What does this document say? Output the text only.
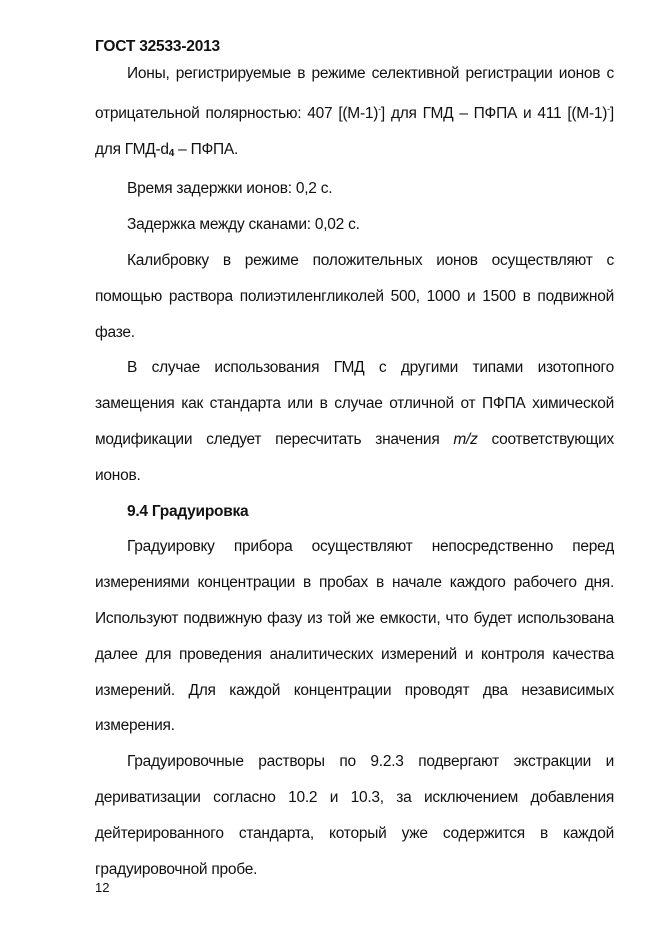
ГОСТ 32533-2013

Ионы, регистрируемые в режиме селективной регистрации ионов с отрицательной полярностью: 407 [(М-1)-] для ГМД – ПФПА и 411 [(М-1)-] для ГМД-$d_4$ – ПФПА.

Время задержки ионов: 0,2 с.

Задержка между сканами: 0,02 с.

Калибровку в режиме положительных ионов осуществляют с помощью раствора полиэтиленгликолей 500, 1000 и 1500 в подвижной фазе.

В случае использования ГМД с другими типами изотопного замещения как стандарта или в случае отличной от ПФПА химической модификации следует пересчитать значения m/z соответствующих ионов.

9.4 Градуировка

Градуировку прибора осуществляют непосредственно перед измерениями концентрации в пробах в начале каждого рабочего дня. Используют подвижную фазу из той же емкости, что будет использована далее для проведения аналитических измерений и контроля качества измерений. Для каждой концентрации проводят два независимых измерения.

Градуировочные растворы по 9.2.3 подвергают экстракции и дериватизации согласно 10.2 и 10.3, за исключением добавления дейтерированного стандарта, который уже содержится в каждой градуировочной пробе.

12
